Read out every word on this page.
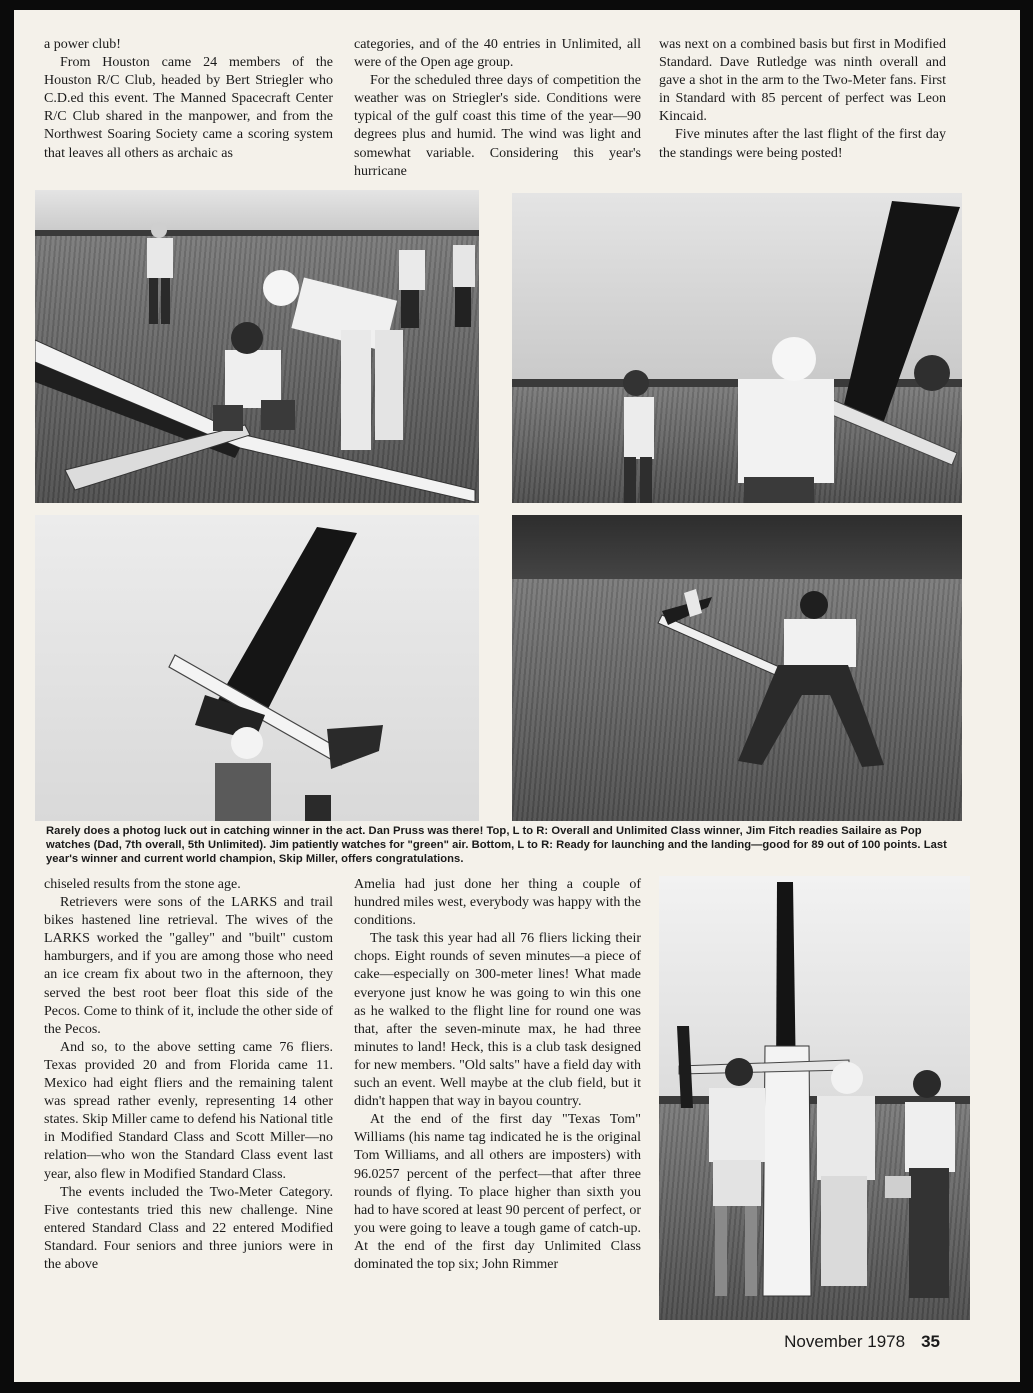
a power club!

From Houston came 24 members of the Houston R/C Club, headed by Bert Striegler who C.D.ed this event. The Manned Spacecraft Center R/C Club shared in the manpower, and from the Northwest Soaring Society came a scoring system that leaves all others as archaic as

categories, and of the 40 entries in Unlimited, all were of the Open age group.

For the scheduled three days of competition the weather was on Striegler's side. Conditions were typical of the gulf coast this time of the year—90 degrees plus and humid. The wind was light and somewhat variable. Considering this year's hurricane

was next on a combined basis but first in Modified Standard. Dave Rutledge was ninth overall and gave a shot in the arm to the Two-Meter fans. First in Standard with 85 percent of perfect was Leon Kincaid.

Five minutes after the last flight of the first day the standings were being posted!

Rarely does a photog luck out in catching winner in the act. Dan Pruss was there! Top, L to R: Overall and Unlimited Class winner, Jim Fitch readies Sailaire as Pop watches (Dad, 7th overall, 5th Unlimited). Jim patiently watches for "green" air. Bottom, L to R: Ready for launching and the landing—good for 89 out of 100 points. Last year's winner and current world champion, Skip Miller, offers congratulations.

chiseled results from the stone age.

Retrievers were sons of the LARKS and trail bikes hastened line retrieval. The wives of the LARKS worked the "galley" and "built" custom hamburgers, and if you are among those who need an ice cream fix about two in the afternoon, they served the best root beer float this side of the Pecos. Come to think of it, include the other side of the Pecos.

And so, to the above setting came 76 fliers. Texas provided 20 and from Florida came 11. Mexico had eight fliers and the remaining talent was spread rather evenly, representing 14 other states. Skip Miller came to defend his National title in Modified Standard Class and Scott Miller—no relation—who won the Standard Class event last year, also flew in Modified Standard Class.

The events included the Two-Meter Category. Five contestants tried this new challenge. Nine entered Standard Class and 22 entered Modified Standard. Four seniors and three juniors were in the above

Amelia had just done her thing a couple of hundred miles west, everybody was happy with the conditions.

The task this year had all 76 fliers licking their chops. Eight rounds of seven minutes—a piece of cake—especially on 300-meter lines! What made everyone just know he was going to win this one as he walked to the flight line for round one was that, after the seven-minute max, he had three minutes to land! Heck, this is a club task designed for new members. "Old salts" have a field day with such an event. Well maybe at the club field, but it didn't happen that way in bayou country.

At the end of the first day "Texas Tom" Williams (his name tag indicated he is the original Tom Williams, and all others are imposters) with 96.0257 percent of the perfect—that after three rounds of flying. To place higher than sixth you had to have scored at least 90 percent of perfect, or you were going to leave a tough game of catch-up. At the end of the first day Unlimited Class dominated the top six; John Rimmer

November 1978 35
